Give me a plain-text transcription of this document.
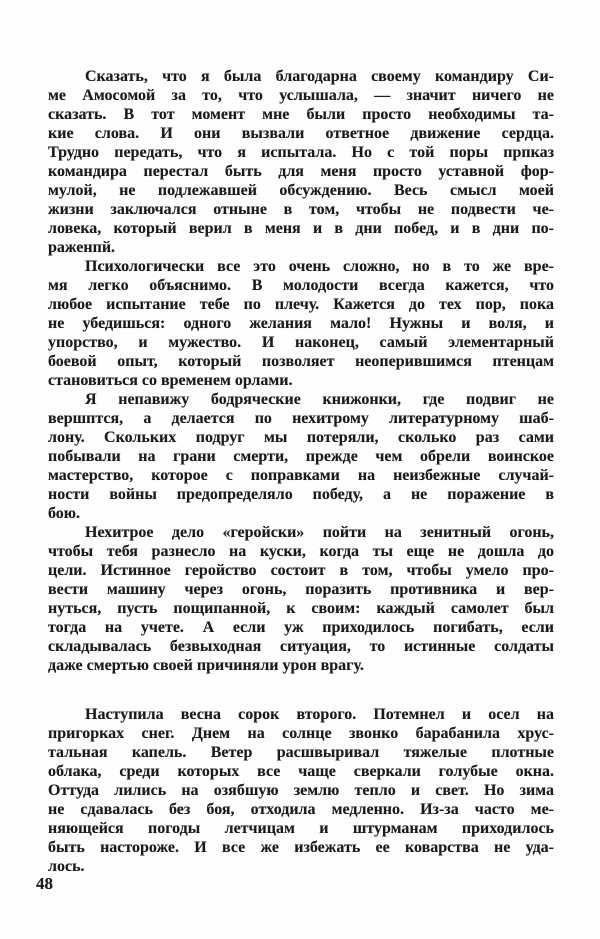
Сказать, что я была благодарна своему командиру Си-
ме Амосомой за то, что услышала, — значит ничего не
сказать. В тот момент мне были просто необходимы та-
кие слова. И они вызвали ответное движение сердца.
Трудно передать, что я испытала. Но с той поры прпказ
командира перестал быть для меня просто уставной фор-
мулой, не подлежавшей обсуждению. Весь смысл моей
жизни заключался отныне в том, чтобы не подвести че-
ловека, который верил в меня и в дни побед, и в дни по-
раженпй.
Психологически все это очень сложно, но в то же вре-
мя легко объяснимо. В молодости всегда кажется, что
любое испытание тебе по плечу. Кажется до тех пор, пока
не убедишься: одного желания мало! Нужны и воля, и
упорство, и мужество. И наконец, самый элементарный
боевой опыт, который позволяет неоперившимся птенцам
становиться со временем орлами.
Я непавижу бодряческие книжонки, где подвиг не
вершптся, а делается по нехитрому литературному шаб-
лону. Скольких подруг мы потеряли, сколько раз сами
побывали на грани смерти, прежде чем обрели воинское
мастерство, которое с поправками на неизбежные случай-
ности войны предопределяло победу, а не поражение в
бою.
Нехитрое дело «геройски» пойти на зенитный огонь,
чтобы тебя разнесло на куски, когда ты еще не дошла до
цели. Истинное геройство состоит в том, чтобы умело про-
вести машину через огонь, поразить противника и вер-
нуться, пусть пощипанной, к своим: каждый самолет был
тогда на учете. А если уж приходилось погибать, если
складывалась безвыходная ситуация, то истинные солдаты
даже смертью своей причиняли урон врагу.
Наступила весна сорок второго. Потемнел и осел на
пригорках снег. Днем на солнце звонко барабанила хрус-
тальная капель. Ветер расшвыривал тяжелые плотные
облака, среди которых все чаще сверкали голубые окна.
Оттуда лились на озябшую землю тепло и свет. Но зима
не сдавалась без боя, отходила медленно. Из-за часто ме-
няющейся погоды летчицам и штурманам приходилось
быть настороже. И все же избежать ее коварства не уда-
лось.
48
